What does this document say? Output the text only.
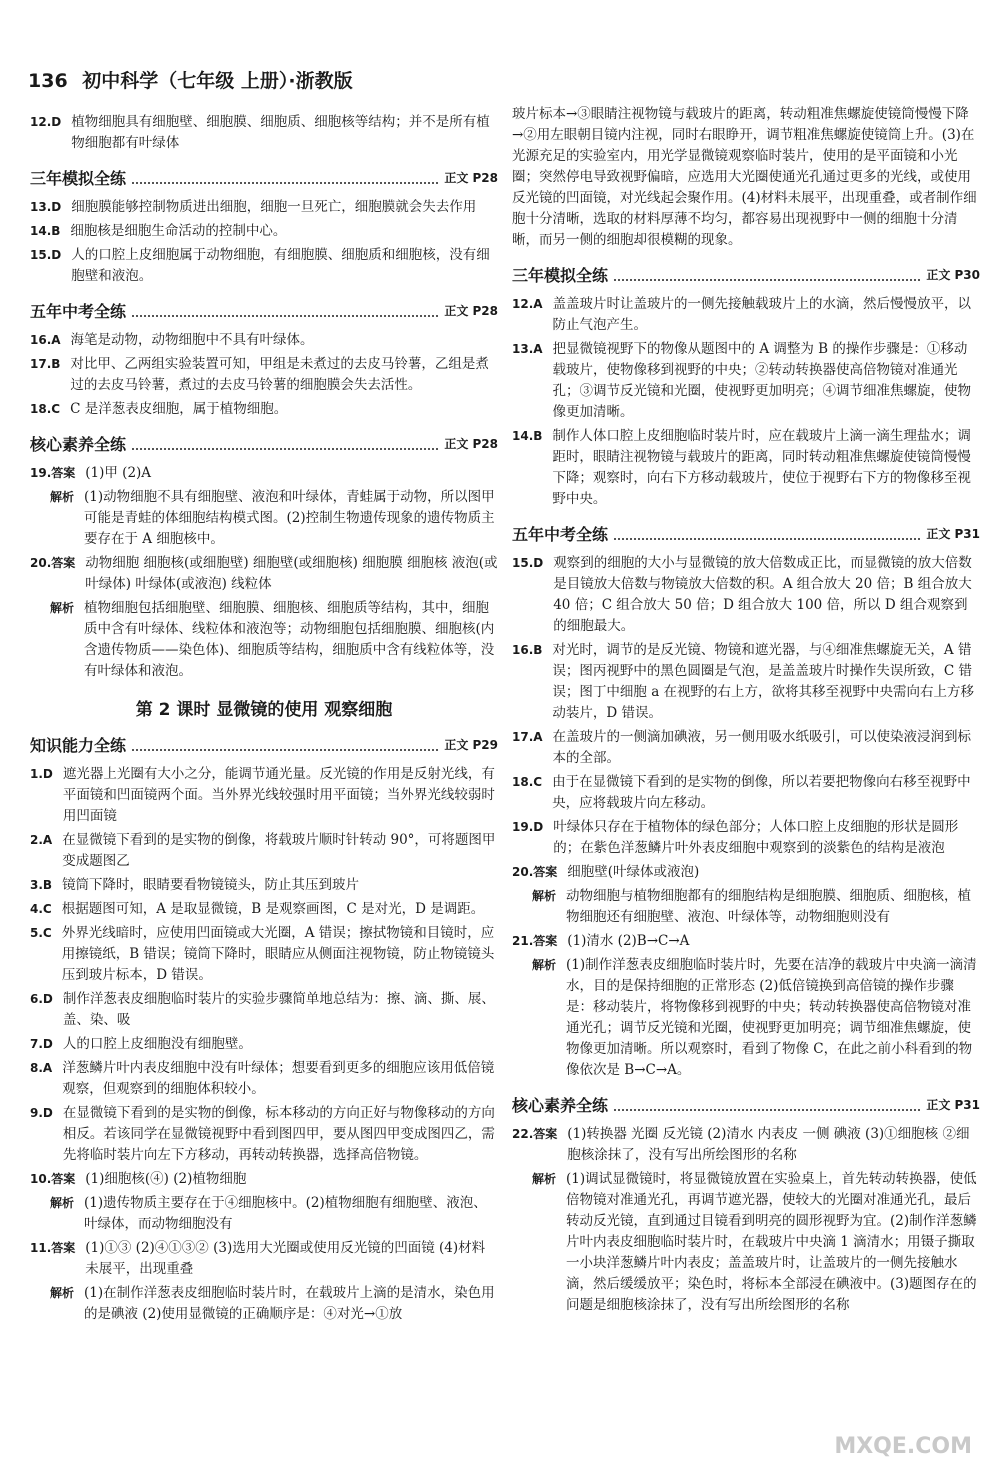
136 初中科学（七年级 上册）·浙教版
12.D 植物细胞具有细胞壁、细胞膜、细胞质、细胞核等结构；并不是所有植物细胞都有叶绿体
三年模拟全练	正文 P28
13.D 细胞膜能够控制物质进出细胞，细胞一旦死亡，细胞膜就会失去作用
14.B 细胞核是细胞生命活动的控制中心。
15.D 人的口腔上皮细胞属于动物细胞，有细胞膜、细胞质和细胞核，没有细胞壁和液泡。
五年中考全练	正文 P28
16.A 海笔是动物，动物细胞中不具有叶绿体。
17.B 对比甲、乙两组实验装置可知，甲组是未煮过的去皮马铃薯，乙组是煮过的去皮马铃薯，煮过的去皮马铃薯的细胞膜会失去活性。
18.C C 是洋葱表皮细胞，属于植物细胞。
核心素养全练	正文 P28
19.答案 (1)甲 (2)A
解析 (1)动物细胞不具有细胞壁、液泡和叶绿体，青蛙属于动物，所以图甲可能是青蛙的体细胞结构模式图。(2)控制生物遗传现象的遗传物质主要存在于 A 细胞核中。
20.答案 动物细胞 细胞核(或细胞壁) 细胞壁(或细胞核) 细胞膜 细胞核 液泡(或叶绿体) 叶绿体(或液泡) 线粒体
解析 植物细胞包括细胞壁、细胞膜、细胞核、细胞质等结构，其中，细胞质中含有叶绿体、线粒体和液泡等；动物细胞包括细胞膜、细胞核(内含遗传物质——染色体)、细胞质等结构，细胞质中含有线粒体等，没有叶绿体和液泡。
第 2 课时 显微镜的使用 观察细胞
知识能力全练	正文 P29
1.D 遮光器上光圈有大小之分，能调节通光量。反光镜的作用是反射光线，有平面镜和凹面镜两个面。当外界光线较强时用平面镜；当外界光线较弱时用凹面镜
2.A 在显微镜下看到的是实物的倒像，将载玻片顺时针转动 90°，可将题图甲变成题图乙
3.B 镜筒下降时，眼睛要看物镜镜头，防止其压到玻片
4.C 根据题图可知，A 是取显微镜，B 是观察画图，C 是对光，D 是调距。
5.C 外界光线暗时，应使用凹面镜或大光圈，A 错误；擦拭物镜和目镜时，应用擦镜纸，B 错误；镜筒下降时，眼睛应从侧面注视物镜，防止物镜镜头压到玻片标本，D 错误。
6.D 制作洋葱表皮细胞临时装片的实验步骤简单地总结为：擦、滴、撕、展、盖、染、吸
7.D 人的口腔上皮细胞没有细胞壁。
8.A 洋葱鳞片叶内表皮细胞中没有叶绿体；想要看到更多的细胞应该用低倍镜观察，但观察到的细胞体积较小。
9.D 在显微镜下看到的是实物的倒像，标本移动的方向正好与物像移动的方向相反。若该同学在显微镜视野中看到图四甲，要从图四甲变成图四乙，需先将临时装片向左下方移动，再转动转换器，选择高倍物镜。
10.答案 (1)细胞核(④) (2)植物细胞
解析 (1)遗传物质主要存在于④细胞核中。(2)植物细胞有细胞壁、液泡、叶绿体，而动物细胞没有
11.答案 (1)①③ (2)④①③② (3)选用大光圈或使用反光镜的凹面镜 (4)材料未展平，出现重叠
解析 (1)在制作洋葱表皮细胞临时装片时，在载玻片上滴的是清水，染色用的是碘液 (2)使用显微镜的正确顺序是：④对光→①放
玻片标本→③眼睛注视物镜与载玻片的距离，转动粗准焦螺旋使镜筒慢慢下降→②用左眼朝目镜内注视，同时右眼睁开，调节粗准焦螺旋使镜筒上升。(3)在光源充足的实验室内，用光学显微镜观察临时装片，使用的是平面镜和小光圈；突然停电导致视野偏暗，应选用大光圈使通光孔通过更多的光线，或使用反光镜的凹面镜，对光线起会聚作用。(4)材料未展平，出现重叠，或者制作细胞十分清晰，选取的材料厚薄不均匀，都容易出现视野中一侧的细胞十分清晰，而另一侧的细胞却很模糊的现象。
三年模拟全练	正文 P30
12.A 盖盖玻片时让盖玻片的一侧先接触载玻片上的水滴，然后慢慢放平，以防止气泡产生。
13.A 把显微镜视野下的物像从题图中的 A 调整为 B 的操作步骤是：①移动载玻片，使物像移到视野的中央；②转动转换器使高倍物镜对准通光孔；③调节反光镜和光圈，使视野更加明亮；④调节细准焦螺旋，使物像更加清晰。
14.B 制作人体口腔上皮细胞临时装片时，应在载玻片上滴一滴生理盐水；调距时，眼睛注视物镜与载玻片的距离，同时转动粗准焦螺旋使镜筒慢慢下降；观察时，向右下方移动载玻片，使位于视野右下方的物像移至视野中央。
五年中考全练	正文 P31
15.D 观察到的细胞的大小与显微镜的放大倍数成正比，而显微镜的放大倍数是目镜放大倍数与物镜放大倍数的积。A 组合放大 20 倍；B 组合放大 40 倍；C 组合放大 50 倍；D 组合放大 100 倍，所以 D 组合观察到的细胞最大。
16.B 对光时，调节的是反光镜、物镜和遮光器，与④细准焦螺旋无关，A 错误；图丙视野中的黑色圆圈是气泡，是盖盖玻片时操作失误所致，C 错误；图丁中细胞 a 在视野的右上方，欲将其移至视野中央需向右上方移动装片，D 错误。
17.A 在盖玻片的一侧滴加碘液，另一侧用吸水纸吸引，可以使染液浸润到标本的全部。
18.C 由于在显微镜下看到的是实物的倒像，所以若要把物像向右移至视野中央，应将载玻片向左移动。
19.D 叶绿体只存在于植物体的绿色部分；人体口腔上皮细胞的形状是圆形的；在紫色洋葱鳞片叶外表皮细胞中观察到的淡紫色的结构是液泡
20.答案 细胞壁(叶绿体或液泡)
解析 动物细胞与植物细胞都有的细胞结构是细胞膜、细胞质、细胞核，植物细胞还有细胞壁、液泡、叶绿体等，动物细胞则没有
21.答案 (1)清水 (2)B→C→A
解析 (1)制作洋葱表皮细胞临时装片时，先要在洁净的载玻片中央滴一滴清水，目的是保持细胞的正常形态 (2)低倍镜换到高倍镜的操作步骤是：移动装片，将物像移到视野的中央；转动转换器使高倍物镜对准通光孔；调节反光镜和光圈，使视野更加明亮；调节细准焦螺旋，使物像更加清晰。所以观察时，看到了物像 C，在此之前小科看到的物像依次是 B→C→A。
核心素养全练	正文 P31
22.答案 (1)转换器 光圈 反光镜 (2)清水 内表皮 一侧 碘液 (3)①细胞核 ②细胞核涂抹了，没有写出所绘图形的名称
解析 (1)调试显微镜时，将显微镜放置在实验桌上，首先转动转换器，使低倍物镜对准通光孔，再调节遮光器，使较大的光圈对准通光孔，最后转动反光镜，直到通过目镜看到明亮的圆形视野为宜。(2)制作洋葱鳞片叶内表皮细胞临时装片时，在载玻片中央滴 1 滴清水；用镊子撕取一小块洋葱鳞片叶内表皮；盖盖玻片时，让盖玻片的一侧先接触水滴，然后缓缓放平；染色时，将标本全部浸在碘液中。(3)题图存在的问题是细胞核涂抹了，没有写出所绘图形的名称
MXQE.COM
